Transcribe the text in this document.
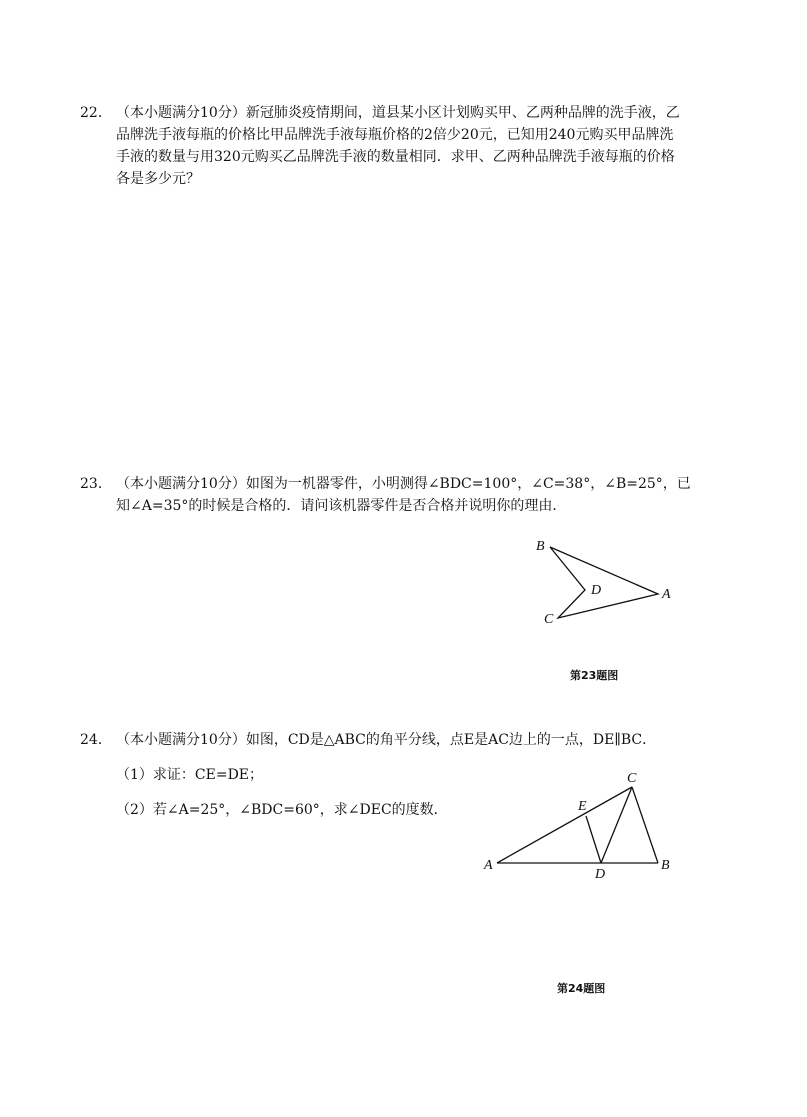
22． （本小题满分10分）新冠肺炎疫情期间，道县某小区计划购买甲、乙两种品牌的洗手液，乙
品牌洗手液每瓶的价格比甲品牌洗手液每瓶价格的2倍少20元，已知用240元购买甲品牌洗
手液的数量与用320元购买乙品牌洗手液的数量相同．求甲、乙两种品牌洗手液每瓶的价格
各是多少元？
23． （本小题满分10分）如图为一机器零件，小明测得∠BDC=100°，∠C=38°，∠B=25°，已
知∠A=35°的时候是合格的．请问该机器零件是否合格并说明你的理由．
B
D	A
C
第23题图
24． （本小题满分10分）如图，CD是△ABC的角平分线，点E是AC边上的一点，DE∥BC．
（1）求证：CE=DE；
（2）若∠A=25°，∠BDC=60°，求∠DEC的度数．
C
E
A
D
B
第24题图
